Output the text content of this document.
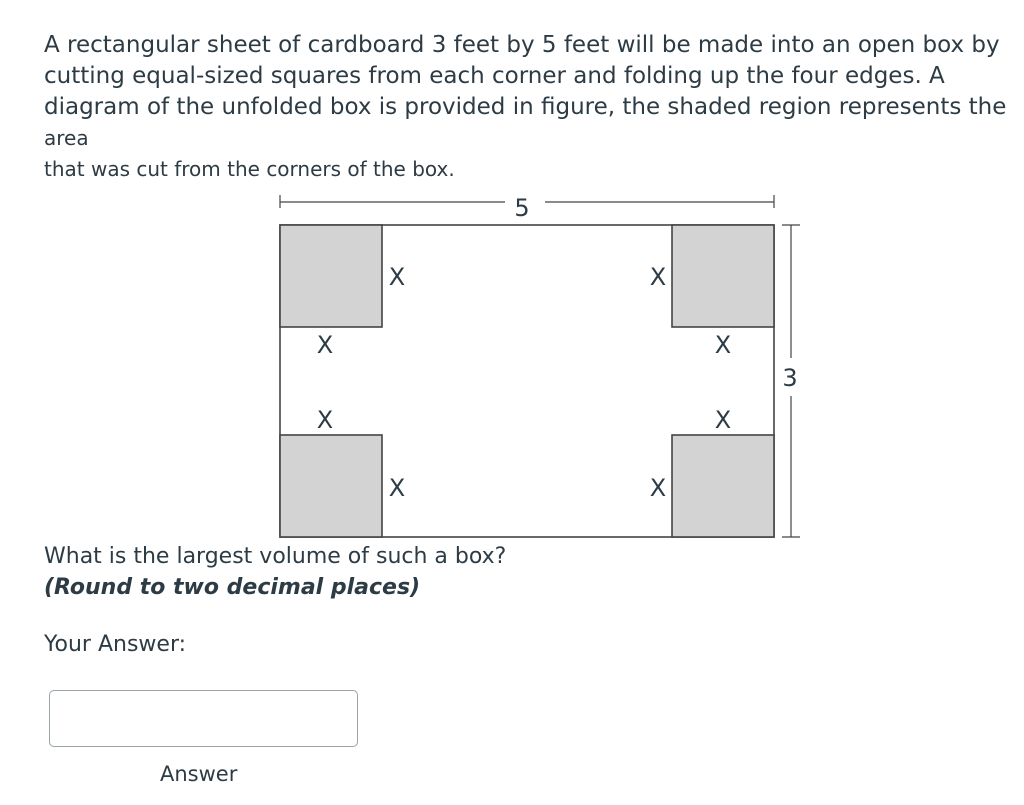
A rectangular sheet of cardboard 3 feet by 5 feet will be made into an open box by
cutting equal-sized squares from each corner and folding up the four edges. A
diagram of the unfolded box is provided in figure, the shaded region represents the
area
that was cut from the corners of the box.
5
3
X	X
X	X
X	X
X	X
What is the largest volume of such a box?
(Round to two decimal places)
Your Answer:
Answer
